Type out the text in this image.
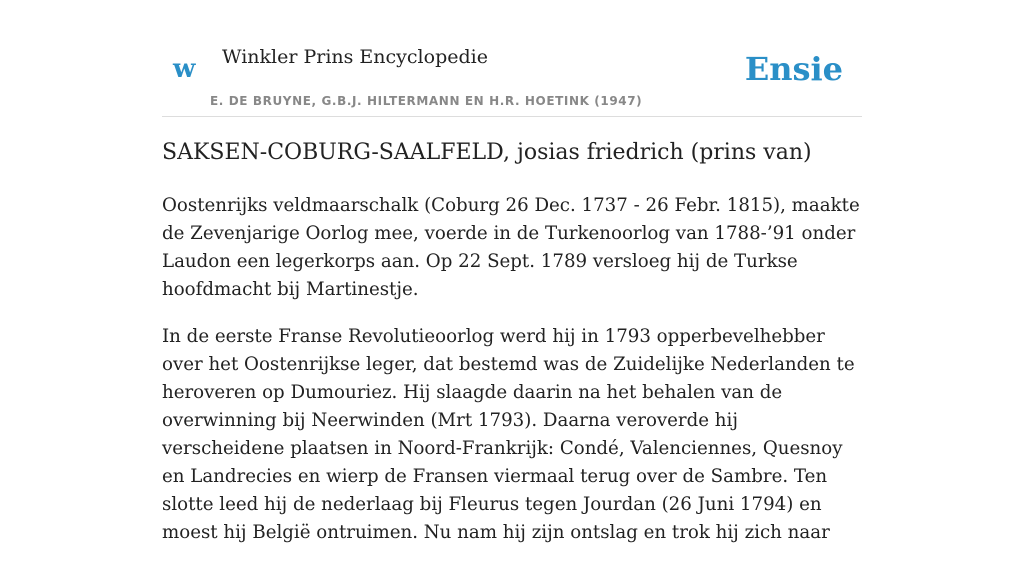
w Winkler Prins Encyclopedie
E. DE BRUYNE, G.B.J. HILTERMANN EN H.R. HOETINK (1947)
Ensie
SAKSEN-COBURG-SAALFELD, josias friedrich (prins van)

Oostenrijks veldmaarschalk (Coburg 26 Dec. 1737 - 26 Febr. 1815), maakte de Zevenjarige Oorlog mee, voerde in de Turkenoorlog van 1788-’91 onder Laudon een legerkorps aan. Op 22 Sept. 1789 versloeg hij de Turkse hoofdmacht bij Martinestje.

In de eerste Franse Revolutieoorlog werd hij in 1793 opperbevelhebber over het Oostenrijkse leger, dat bestemd was de Zuidelijke Nederlanden te heroveren op Dumouriez. Hij slaagde daarin na het behalen van de overwinning bij Neerwinden (Mrt 1793). Daarna veroverde hij verscheidene plaatsen in Noord-Frankrijk: Condé, Valenciennes, Quesnoy en Landrecies en wierp de Fransen viermaal terug over de Sambre. Ten slotte leed hij de nederlaag bij Fleurus tegen Jourdan (26 Juni 1794) en moest hij België ontruimen. Nu nam hij zijn ontslag en trok hij zich naar
